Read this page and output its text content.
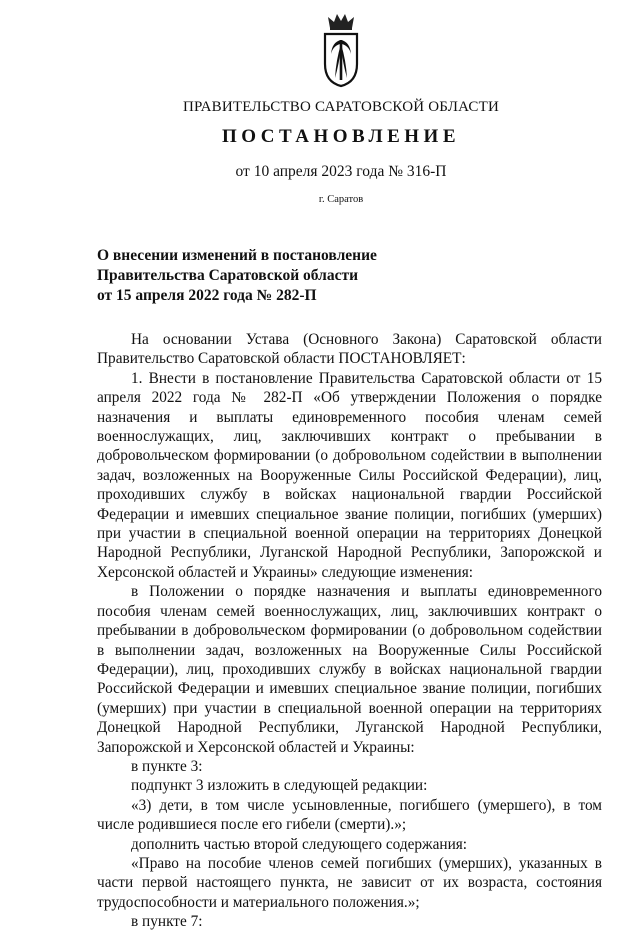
ПРАВИТЕЛЬСТВО САРАТОВСКОЙ ОБЛАСТИ
ПОСТАНОВЛЕНИЕ
от 10 апреля 2023 года № 316-П
г. Саратов
О внесении изменений в постановление
Правительства Саратовской области
от 15 апреля 2022 года № 282-П

На основании Устава (Основного Закона) Саратовской области Правительство Саратовской области ПОСТАНОВЛЯЕТ:

1. Внести в постановление Правительства Саратовской области от 15 апреля 2022 года № 282-П «Об утверждении Положения о порядке назначения и выплаты единовременного пособия членам семей военнослужащих, лиц, заключивших контракт о пребывании в добровольческом формировании (о добровольном содействии в выполнении задач, возложенных на Вооруженные Силы Российской Федерации), лиц, проходивших службу в войсках национальной гвардии Российской Федерации и имевших специальное звание полиции, погибших (умерших) при участии в специальной военной операции на территориях Донецкой Народной Республики, Луганской Народной Республики, Запорожской и Херсонской областей и Украины» следующие изменения:

в Положении о порядке назначения и выплаты единовременного пособия членам семей военнослужащих, лиц, заключивших контракт о пребывании в добровольческом формировании (о добровольном содействии в выполнении задач, возложенных на Вооруженные Силы Российской Федерации), лиц, проходивших службу в войсках национальной гвардии Российской Федерации и имевших специальное звание полиции, погибших (умерших) при участии в специальной военной операции на территориях Донецкой Народной Республики, Луганской Народной Республики, Запорожской и Херсонской областей и Украины:

в пункте 3:

подпункт 3 изложить в следующей редакции:

«3) дети, в том числе усыновленные, погибшего (умершего), в том числе родившиеся после его гибели (смерти).»;

дополнить частью второй следующего содержания:

«Право на пособие членов семей погибших (умерших), указанных в части первой настоящего пункта, не зависит от их возраста, состояния трудоспособности и материального положения.»;

в пункте 7:
